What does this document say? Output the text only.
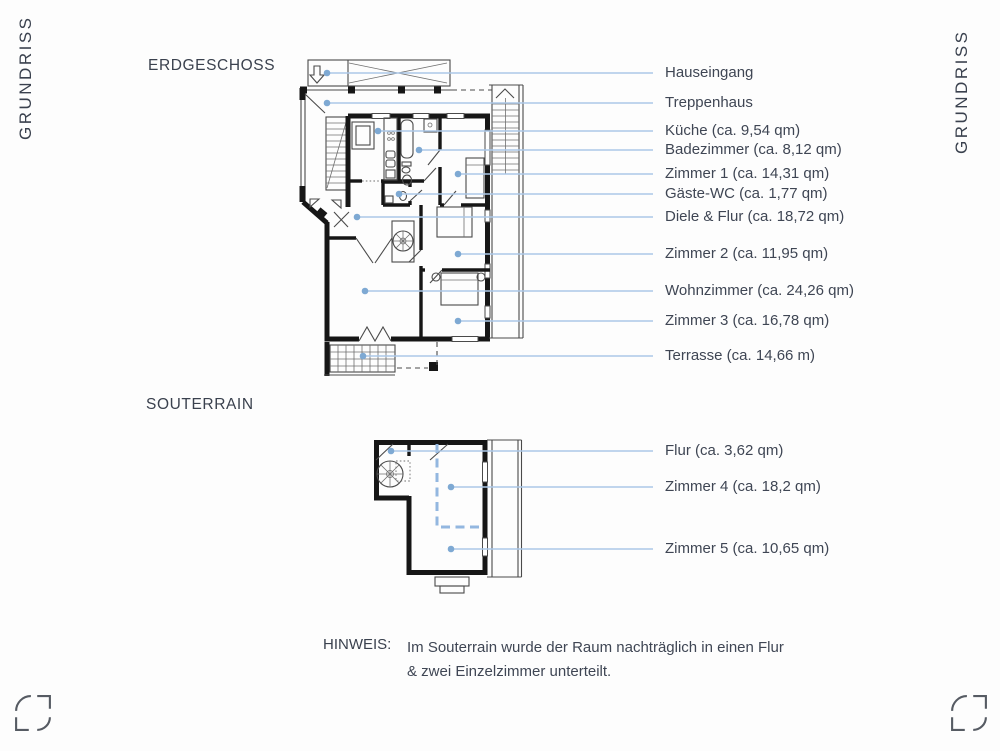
GRUNDRISS	GRUNDRISS
ERDGESCHOSS
SOUTERRAIN
Hauseingang
Treppenhaus
Küche (ca. 9,54 qm)
Badezimmer (ca. 8,12 qm)
Zimmer 1 (ca. 14,31 qm)
Gäste-WC (ca. 1,77 qm)
Diele & Flur (ca. 18,72 qm)
Zimmer 2 (ca. 11,95 qm)
Wohnzimmer (ca. 24,26 qm)
Zimmer 3 (ca. 16,78 qm)
Terrasse (ca. 14,66 m)
Flur (ca. 3,62 qm)
Zimmer 4 (ca. 18,2 qm)
Zimmer 5 (ca. 10,65 qm)
HINWEIS: Im Souterrain wurde der Raum nachträglich in einen Flur
& zwei Einzelzimmer unterteilt.
